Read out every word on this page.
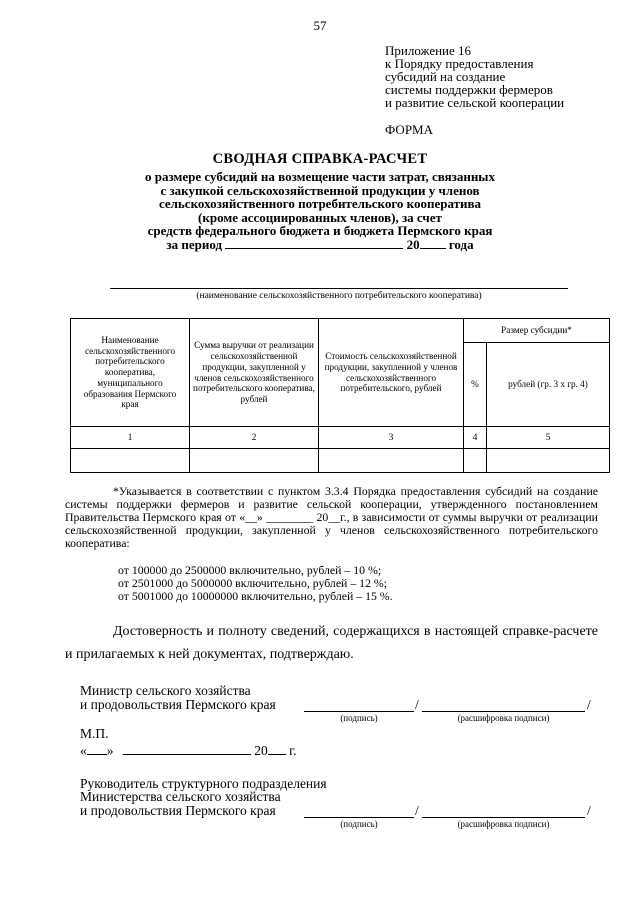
57
Приложение 16
к Порядку предоставления
субсидий на создание
системы поддержки фермеров
и развитие сельской кооперации
ФОРМА
СВОДНАЯ СПРАВКА-РАСЧЕТ
о размере субсидий на возмещение части затрат, связанных
с закупкой сельскохозяйственной продукции у членов
сельскохозяйственного потребительского кооператива
(кроме ассоциированных членов), за счет
средств федерального бюджета и бюджета Пермского края
за период	20 года
(наименование сельскохозяйственного потребительского кооператива)
Наименование сельскохозяйственного потребительского кооператива, муниципального образования Пермского края	Сумма выручки от реализации сельскохозяйственной продукции, закупленной у членов сельскохозяйственного потребительского кооператива, рублей	Стоимость сельскохозяйственной продукции, закупленной у членов сельскохозяйственного потребительского, рублей	Размер субсидии*	
			%	рублей (гр. 3 х гр. 4)
1	2	3	4	5

*Указывается в соответствии с пунктом 3.3.4 Порядка предоставления субсидий на создание системы поддержки фермеров и развитие сельской кооперации, утвержденного постановлением Правительства Пермского края от «__» ________ 20__г., в зависимости от суммы выручки от реализации сельскохозяйственной продукции, закупленной у членов сельскохозяйственного потребительского кооператива:
от 100000 до 2500000 включительно, рублей – 10 %;
от 2501000 до 5000000 включительно, рублей – 12 %;
от 5001000 до 10000000 включительно, рублей – 15 %.
Достоверность и полноту сведений, содержащихся в настоящей справке-расчете и прилагаемых к ней документах, подтверждаю.
Министр сельского хозяйства
и продовольствия Пермского края	/	/
(подпись)	(расшифровка подписи)
М.П.
« »	20 г.
Руководитель структурного подразделения
Министерства сельского хозяйства
и продовольствия Пермского края	/	/
(подпись)	(расшифровка подписи)
